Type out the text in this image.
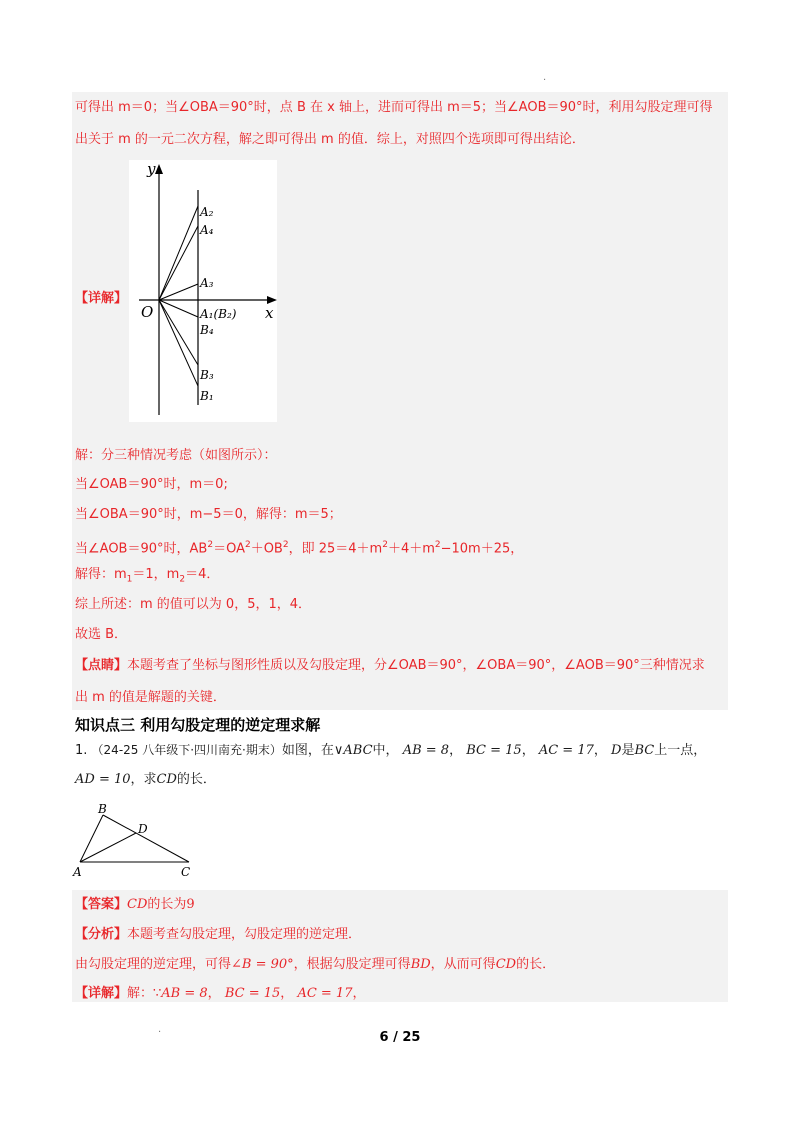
.
可得出 m＝0；当∠OBA＝90°时，点 B 在 x 轴上，进而可得出 m＝5；当∠AOB＝90°时，利用勾股定理可得
出关于 m 的一元二次方程，解之即可得出 m 的值．综上，对照四个选项即可得出结论．
y
x
O
A₂
A₄
A₃
A₁(B₂)
B₄
B₃
B₁
【详解】
解：分三种情况考虑（如图所示）：
当∠OAB＝90°时，m＝0;
当∠OBA＝90°时，m−5＝0，解得：m＝5；
当∠AOB＝90°时，$AB^2=OA^2+OB^2$，即 $25=4+m^2+4+m^2-10m+25$，
解得：$m_1=1$，$m_2=4$．
综上所述：m 的值可以为 0，5，1，4．
故选 B．
【点睛】本题考查了坐标与图形性质以及勾股定理，分∠OAB＝90°，∠OBA＝90°，∠AOB＝90°三种情况求
出 m 的值是解题的关键．
知识点三 利用勾股定理的逆定理求解
1. （24-25 八年级下·四川南充·期末）如图，在∨ABC中， AB = 8， BC = 15， AC = 17， D是BC上一点，
AD = 10，求CD的长．
B
D
A	C
【答案】CD的长为9
【分析】本题考查勾股定理，勾股定理的逆定理．
由勾股定理的逆定理，可得∠B = 90°，根据勾股定理可得BD，从而可得CD的长．
【详解】解：∵AB = 8， BC = 15， AC = 17，
.
6 / 25
